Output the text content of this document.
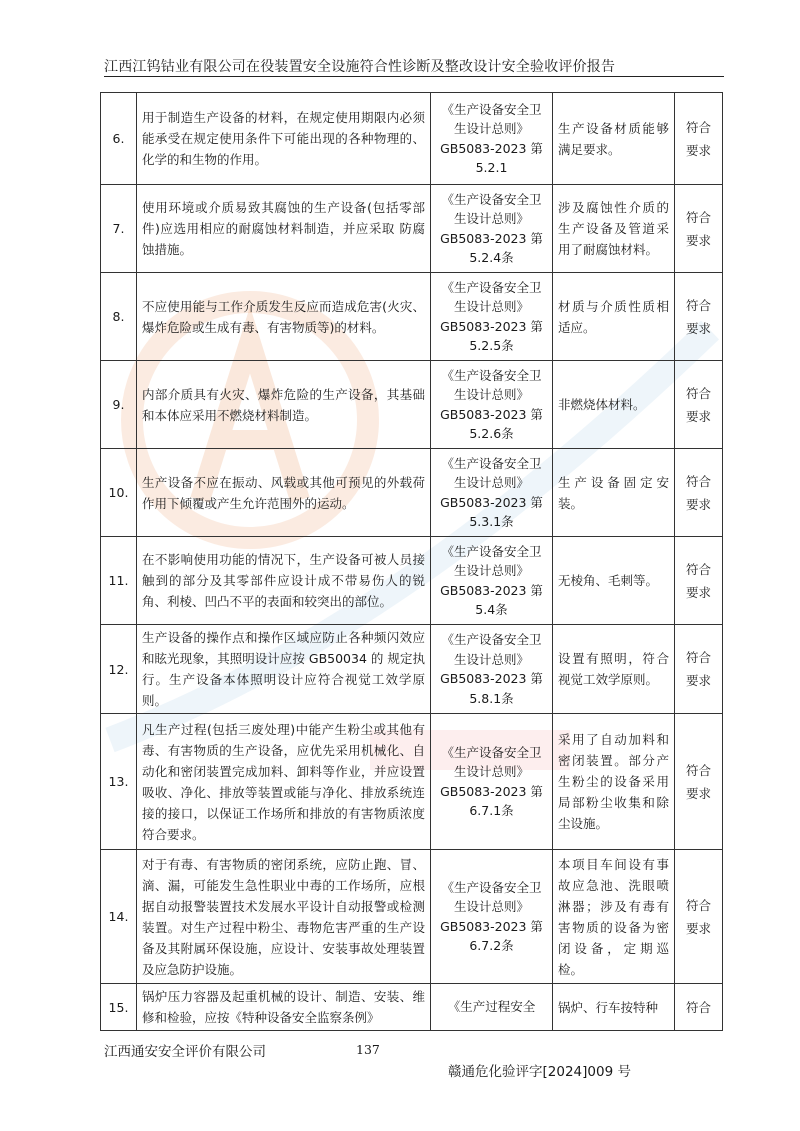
江西江钨钴业有限公司在役装置安全设施符合性诊断及整改设计安全验收评价报告
6.	用于制造生产设备的材料，在规定使用期限内必须能承受在规定使用条件下可能出现的各种物理的、化学的和生物的作用。	《生产设备安全卫生设计总则》GB5083-2023 第5.2.1	生产设备材质能够满足要求。	符合要求
7.	使用环境或介质易致其腐蚀的生产设备(包括零部件)应选用相应的耐腐蚀材料制造，并应采取 防腐蚀措施。	《生产设备安全卫生设计总则》GB5083-2023 第5.2.4条	涉及腐蚀性介质的生产设备及管道采用了耐腐蚀材料。	符合要求
8.	不应使用能与工作介质发生反应而造成危害(火灾、爆炸危险或生成有毒、有害物质等)的材料。	《生产设备安全卫生设计总则》GB5083-2023 第5.2.5条	材质与介质性质相适应。	符合要求
9.	内部介质具有火灾、爆炸危险的生产设备，其基础和本体应采用不燃烧材料制造。	《生产设备安全卫生设计总则》GB5083-2023 第5.2.6条	非燃烧体材料。	符合要求
10.	生产设备不应在振动、风载或其他可预见的外载荷作用下倾覆或产生允许范围外的运动。	《生产设备安全卫生设计总则》GB5083-2023 第5.3.1条	生产设备固定安装。	符合要求
11.	在不影响使用功能的情况下，生产设备可被人员接触到的部分及其零部件应设计成不带易伤人的锐角、利棱、凹凸不平的表面和较突出的部位。	《生产设备安全卫生设计总则》GB5083-2023 第5.4条	无棱角、毛刺等。	符合要求
12.	生产设备的操作点和操作区域应防止各种频闪效应和眩光现象，其照明设计应按 GB50034 的 规定执行。生产设备本体照明设计应符合视觉工效学原则。	《生产设备安全卫生设计总则》GB5083-2023 第5.8.1条	设置有照明，符合视觉工效学原则。	符合要求
13.	凡生产过程(包括三废处理)中能产生粉尘或其他有毒、有害物质的生产设备，应优先采用机械化、自动化和密闭装置完成加料、卸料等作业，并应设置吸收、净化、排放等装置或能与净化、排放系统连 接的接口，以保证工作场所和排放的有害物质浓度符合要求。	《生产设备安全卫生设计总则》GB5083-2023 第6.7.1条	采用了自动加料和密闭装置。部分产生粉尘的设备采用局部粉尘收集和除尘设施。	符合要求
14.	对于有毒、有害物质的密闭系统，应防止跑、冒、滴、漏，可能发生急性职业中毒的工作场所，应根 据自动报警装置技术发展水平设计自动报警或检测装置。对生产过程中粉尘、毒物危害严重的生产设 备及其附属环保设施，应设计、安装事故处理装置及应急防护设施。	《生产设备安全卫生设计总则》GB5083-2023 第6.7.2条	本项目车间设有事故应急池、洗眼喷淋器；涉及有毒有害物质的设备为密闭设备，定期巡检。	符合要求
15.	锅炉压力容器及起重机械的设计、制造、安装、维修和检验，应按《特种设备安全监察条例》	《生产过程安全	锅炉、行车按特种	符合
江西通安安全评价有限公司	137
赣通危化验评字[2024]009 号
